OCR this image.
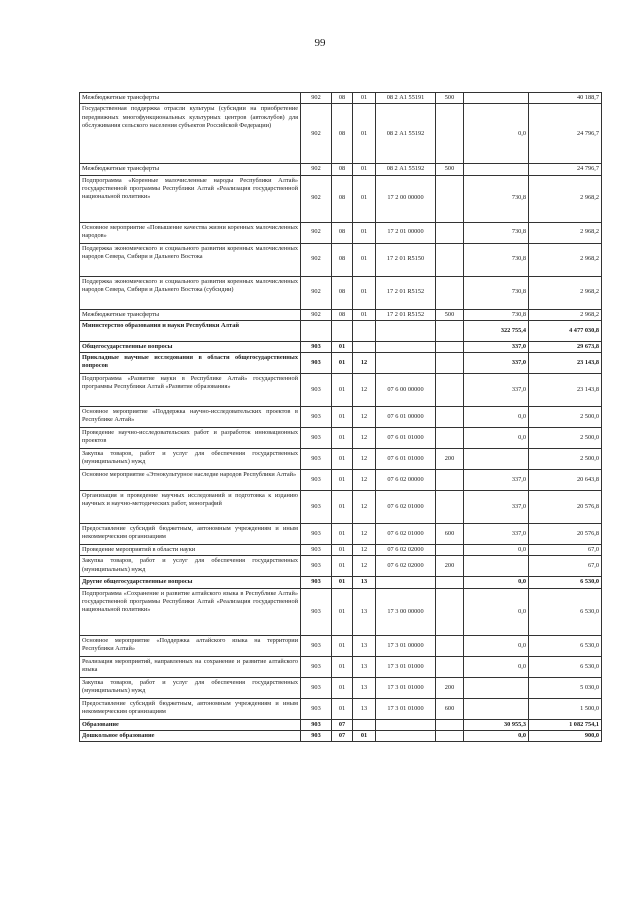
99
Межбюджетные трансферты	902	08	01	08 2 А1 55191	500		40 188,7
Государственная поддержка отрасли культуры (субсидии на приобретение передвижных многофункциональных культурных центров (автоклубов) для обслуживания сельского населения субъектов Российской Федерации)	902	08	01	08 2 А1 55192		0,0	24 796,7
Межбюджетные трансферты	902	08	01	08 2 А1 55192	500		24 796,7
Подпрограмма «Коренные малочисленные народы Республики Алтай» государственной программы Республики Алтай «Реализация государственной национальной политики»	902	08	01	17 2 00 00000		730,8	2 968,2
Основное мероприятие «Повышение качества жизни коренных малочисленных народов»	902	08	01	17 2 01 00000		730,8	2 968,2
Поддержка экономического и социального развития коренных малочисленных народов Севера, Сибири и Дальнего Востока	902	08	01	17 2 01 R5150		730,8	2 968,2
Поддержка экономического и социального развития коренных малочисленных народов Севера, Сибири и Дальнего Востока (субсидии)	902	08	01	17 2 01 R5152		730,8	2 968,2
Межбюджетные трансферты	902	08	01	17 2 01 R5152	500	730,8	2 968,2
Министерство образования и науки Республики Алтай						322 755,4	4 477 030,8
Общегосударственные вопросы	903	01				337,0	29 673,8
Прикладные научные исследования в области общегосударственных вопросов	903	01	12			337,0	23 143,8
Подпрограмма «Развитие науки в Республике Алтай» государственной программы Республики Алтай «Развитие образования»	903	01	12	07 6 00 00000		337,0	23 143,8
Основное мероприятие «Поддержка научно-исследовательских проектов в Республике Алтай»	903	01	12	07 6 01 00000		0,0	2 500,0
Проведение научно-исследовательских работ и разработок инновационных проектов	903	01	12	07 6 01 01000		0,0	2 500,0
Закупка товаров, работ и услуг для обеспечения государственных (муниципальных) нужд	903	01	12	07 6 01 01000	200		2 500,0
Основное мероприятие «Этнокультурное наследие народов Республики Алтай»	903	01	12	07 6 02 00000		337,0	20 643,8
Организация и проведение научных исследований и подготовка к изданию научных и научно-методических работ, монографий	903	01	12	07 6 02 01000		337,0	20 576,8
Предоставление субсидий бюджетным, автономным учреждениям и иным некоммерческим организациям	903	01	12	07 6 02 01000	600	337,0	20 576,8
Проведение мероприятий в области науки	903	01	12	07 6 02 02000		0,0	67,0
Закупка товаров, работ и услуг для обеспечения государственных (муниципальных) нужд	903	01	12	07 6 02 02000	200		67,0
Другие общегосударственные вопросы	903	01	13			0,0	6 530,0
Подпрограмма «Сохранение и развитие алтайского языка в Республике Алтай» государственной программы Республики Алтай «Реализация государственной национальной политики»	903	01	13	17 3 00 00000		0,0	6 530,0
Основное мероприятие «Поддержка алтайского языка на территории Республики Алтай»	903	01	13	17 3 01 00000		0,0	6 530,0
Реализация мероприятий, направленных на сохранение и развитие алтайского языка	903	01	13	17 3 01 01000		0,0	6 530,0
Закупка товаров, работ и услуг для обеспечения государственных (муниципальных) нужд	903	01	13	17 3 01 01000	200		5 030,0
Предоставление субсидий бюджетным, автономным учреждениям и иным некоммерческим организациям	903	01	13	17 3 01 01000	600		1 500,0
Образование	903	07				30 955,3	1 082 754,1
Дошкольное образование	903	07	01			0,0	900,0
